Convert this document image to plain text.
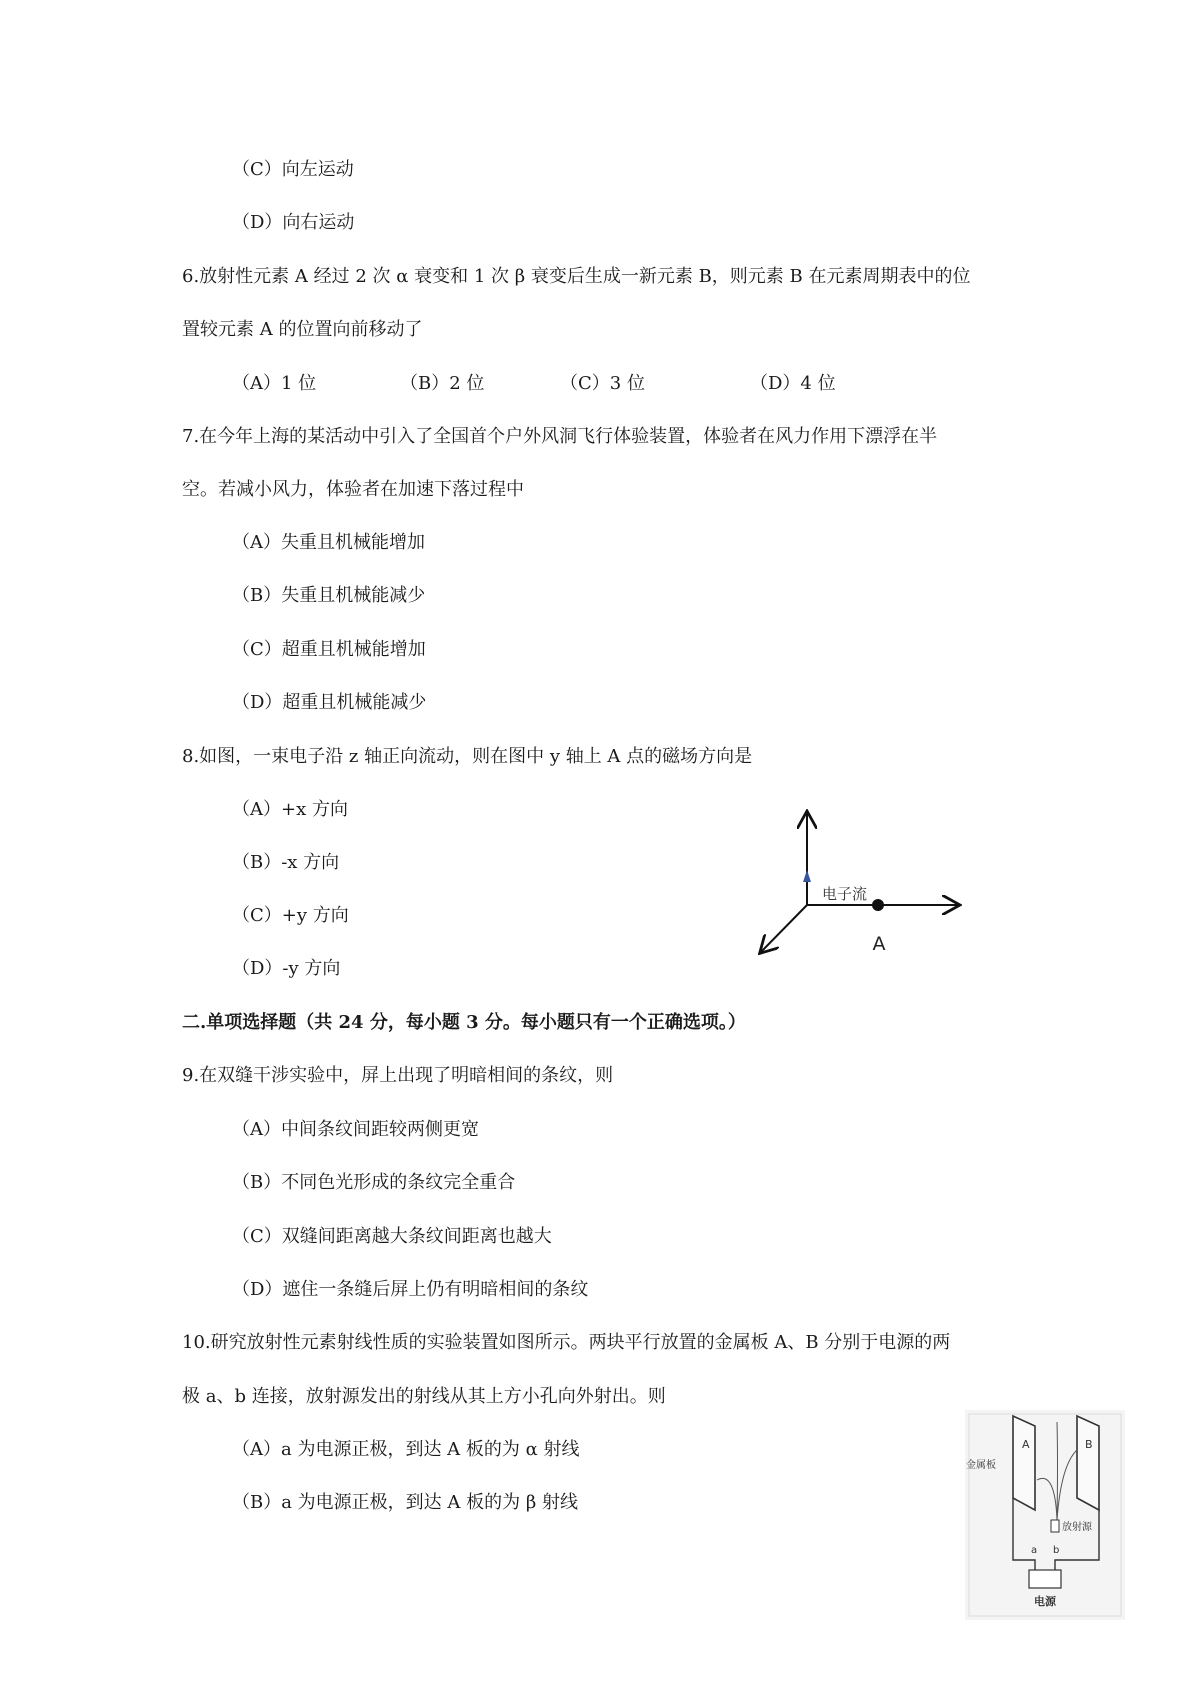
（C）向左运动
（D）向右运动
6.放射性元素 A 经过 2 次 α 衰变和 1 次 β 衰变后生成一新元素 B，则元素 B 在元素周期表中的位
置较元素 A 的位置向前移动了
（A）1 位	（B）2 位	（C）3 位	（D）4 位
7.在今年上海的某活动中引入了全国首个户外风洞飞行体验装置，体验者在风力作用下漂浮在半
空。若减小风力，体验者在加速下落过程中
（A）失重且机械能增加
（B）失重且机械能减少
（C）超重且机械能增加
（D）超重且机械能减少
8.如图，一束电子沿 z 轴正向流动，则在图中 y 轴上 A 点的磁场方向是
（A）+x 方向
（B）-x 方向
（C）+y 方向
（D）-y 方向
电子流
A
二.单项选择题（共 24 分，每小题 3 分。每小题只有一个正确选项。）
9.在双缝干涉实验中，屏上出现了明暗相间的条纹，则
（A）中间条纹间距较两侧更宽
（B）不同色光形成的条纹完全重合
（C）双缝间距离越大条纹间距离也越大
（D）遮住一条缝后屏上仍有明暗相间的条纹
10.研究放射性元素射线性质的实验装置如图所示。两块平行放置的金属板 A、B 分别于电源的两
极 a、b 连接，放射源发出的射线从其上方小孔向外射出。则
（A）a 为电源正极，到达 A 板的为 α 射线
（B）a 为电源正极，到达 A 板的为 β 射线
A	B
金属板
放射源
a b
电源
